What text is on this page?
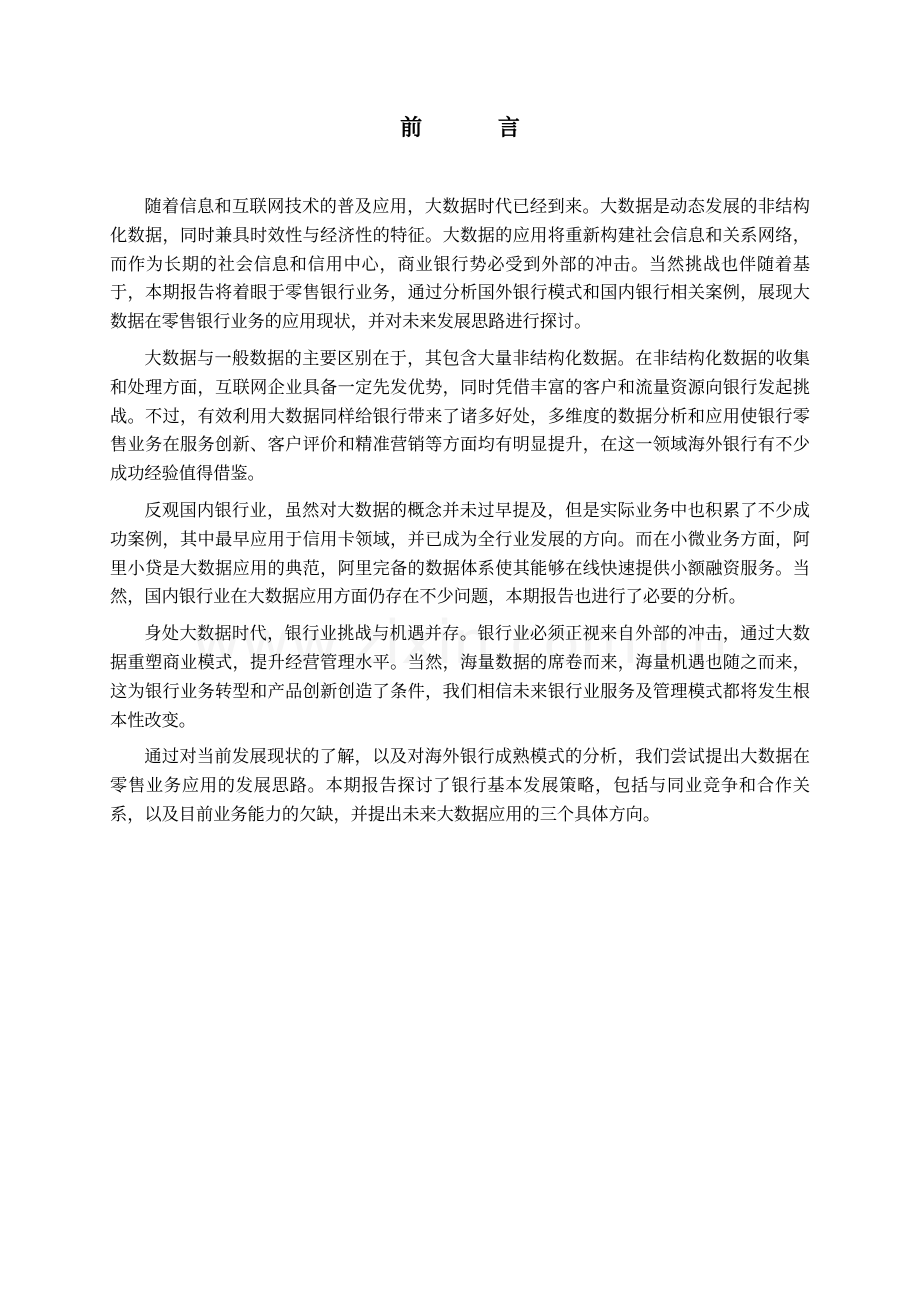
前 言

随着信息和互联网技术的普及应用，大数据时代已经到来。大数据是动态发展的非结构化数据，同时兼具时效性与经济性的特征。大数据的应用将重新构建社会信息和关系网络，而作为长期的社会信息和信用中心，商业银行势必受到外部的冲击。当然挑战也伴随着基于，本期报告将着眼于零售银行业务，通过分析国外银行模式和国内银行相关案例，展现大数据在零售银行业务的应用现状，并对未来发展思路进行探讨。

大数据与一般数据的主要区别在于，其包含大量非结构化数据。在非结构化数据的收集和处理方面，互联网企业具备一定先发优势，同时凭借丰富的客户和流量资源向银行发起挑战。不过，有效利用大数据同样给银行带来了诸多好处，多维度的数据分析和应用使银行零售业务在服务创新、客户评价和精准营销等方面均有明显提升，在这一领域海外银行有不少成功经验值得借鉴。

反观国内银行业，虽然对大数据的概念并未过早提及，但是实际业务中也积累了不少成功案例，其中最早应用于信用卡领域，并已成为全行业发展的方向。而在小微业务方面，阿里小贷是大数据应用的典范，阿里完备的数据体系使其能够在线快速提供小额融资服务。当然，国内银行业在大数据应用方面仍存在不少问题，本期报告也进行了必要的分析。

身处大数据时代，银行业挑战与机遇并存。银行业必须正视来自外部的冲击，通过大数据重塑商业模式，提升经营管理水平。当然，海量数据的席卷而来，海量机遇也随之而来，这为银行业务转型和产品创新创造了条件，我们相信未来银行业服务及管理模式都将发生根本性改变。

通过对当前发展现状的了解，以及对海外银行成熟模式的分析，我们尝试提出大数据在零售业务应用的发展思路。本期报告探讨了银行基本发展策略，包括与同业竞争和合作关系，以及目前业务能力的欠缺，并提出未来大数据应用的三个具体方向。
